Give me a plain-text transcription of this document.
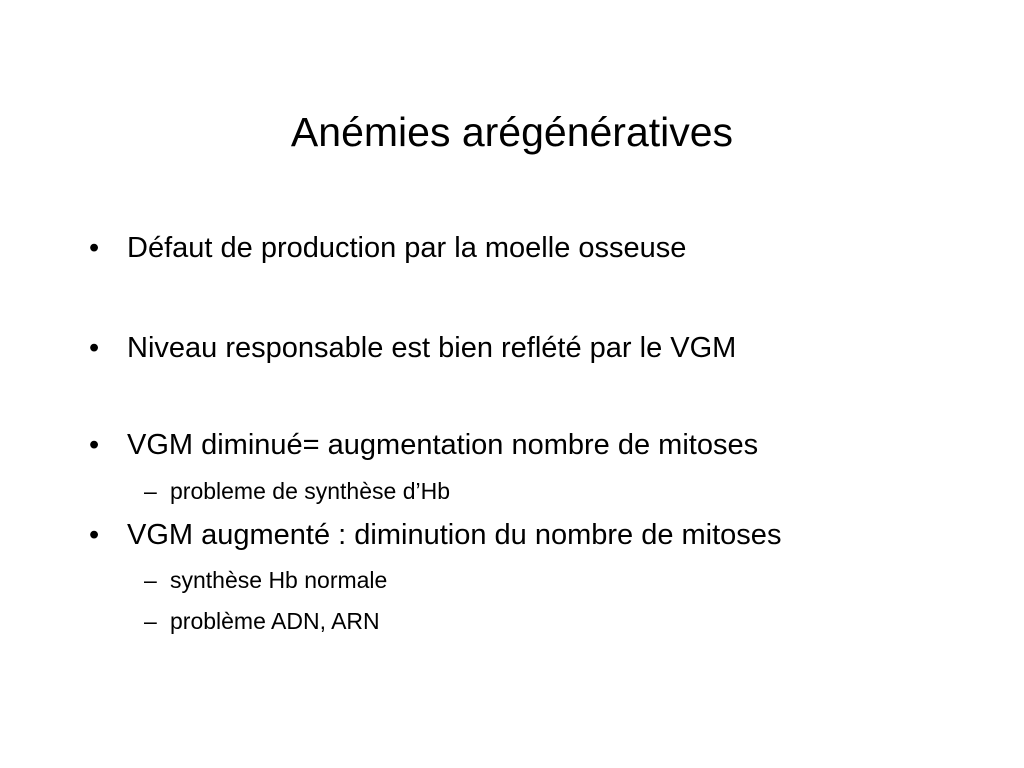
Anémies arégénératives
• Défaut de production par la moelle osseuse
• Niveau responsable est bien reflété par le VGM
• VGM diminué= augmentation nombre de mitoses
– probleme de synthèse d’Hb
• VGM augmenté : diminution du nombre de mitoses
– synthèse Hb normale
– problème ADN, ARN
